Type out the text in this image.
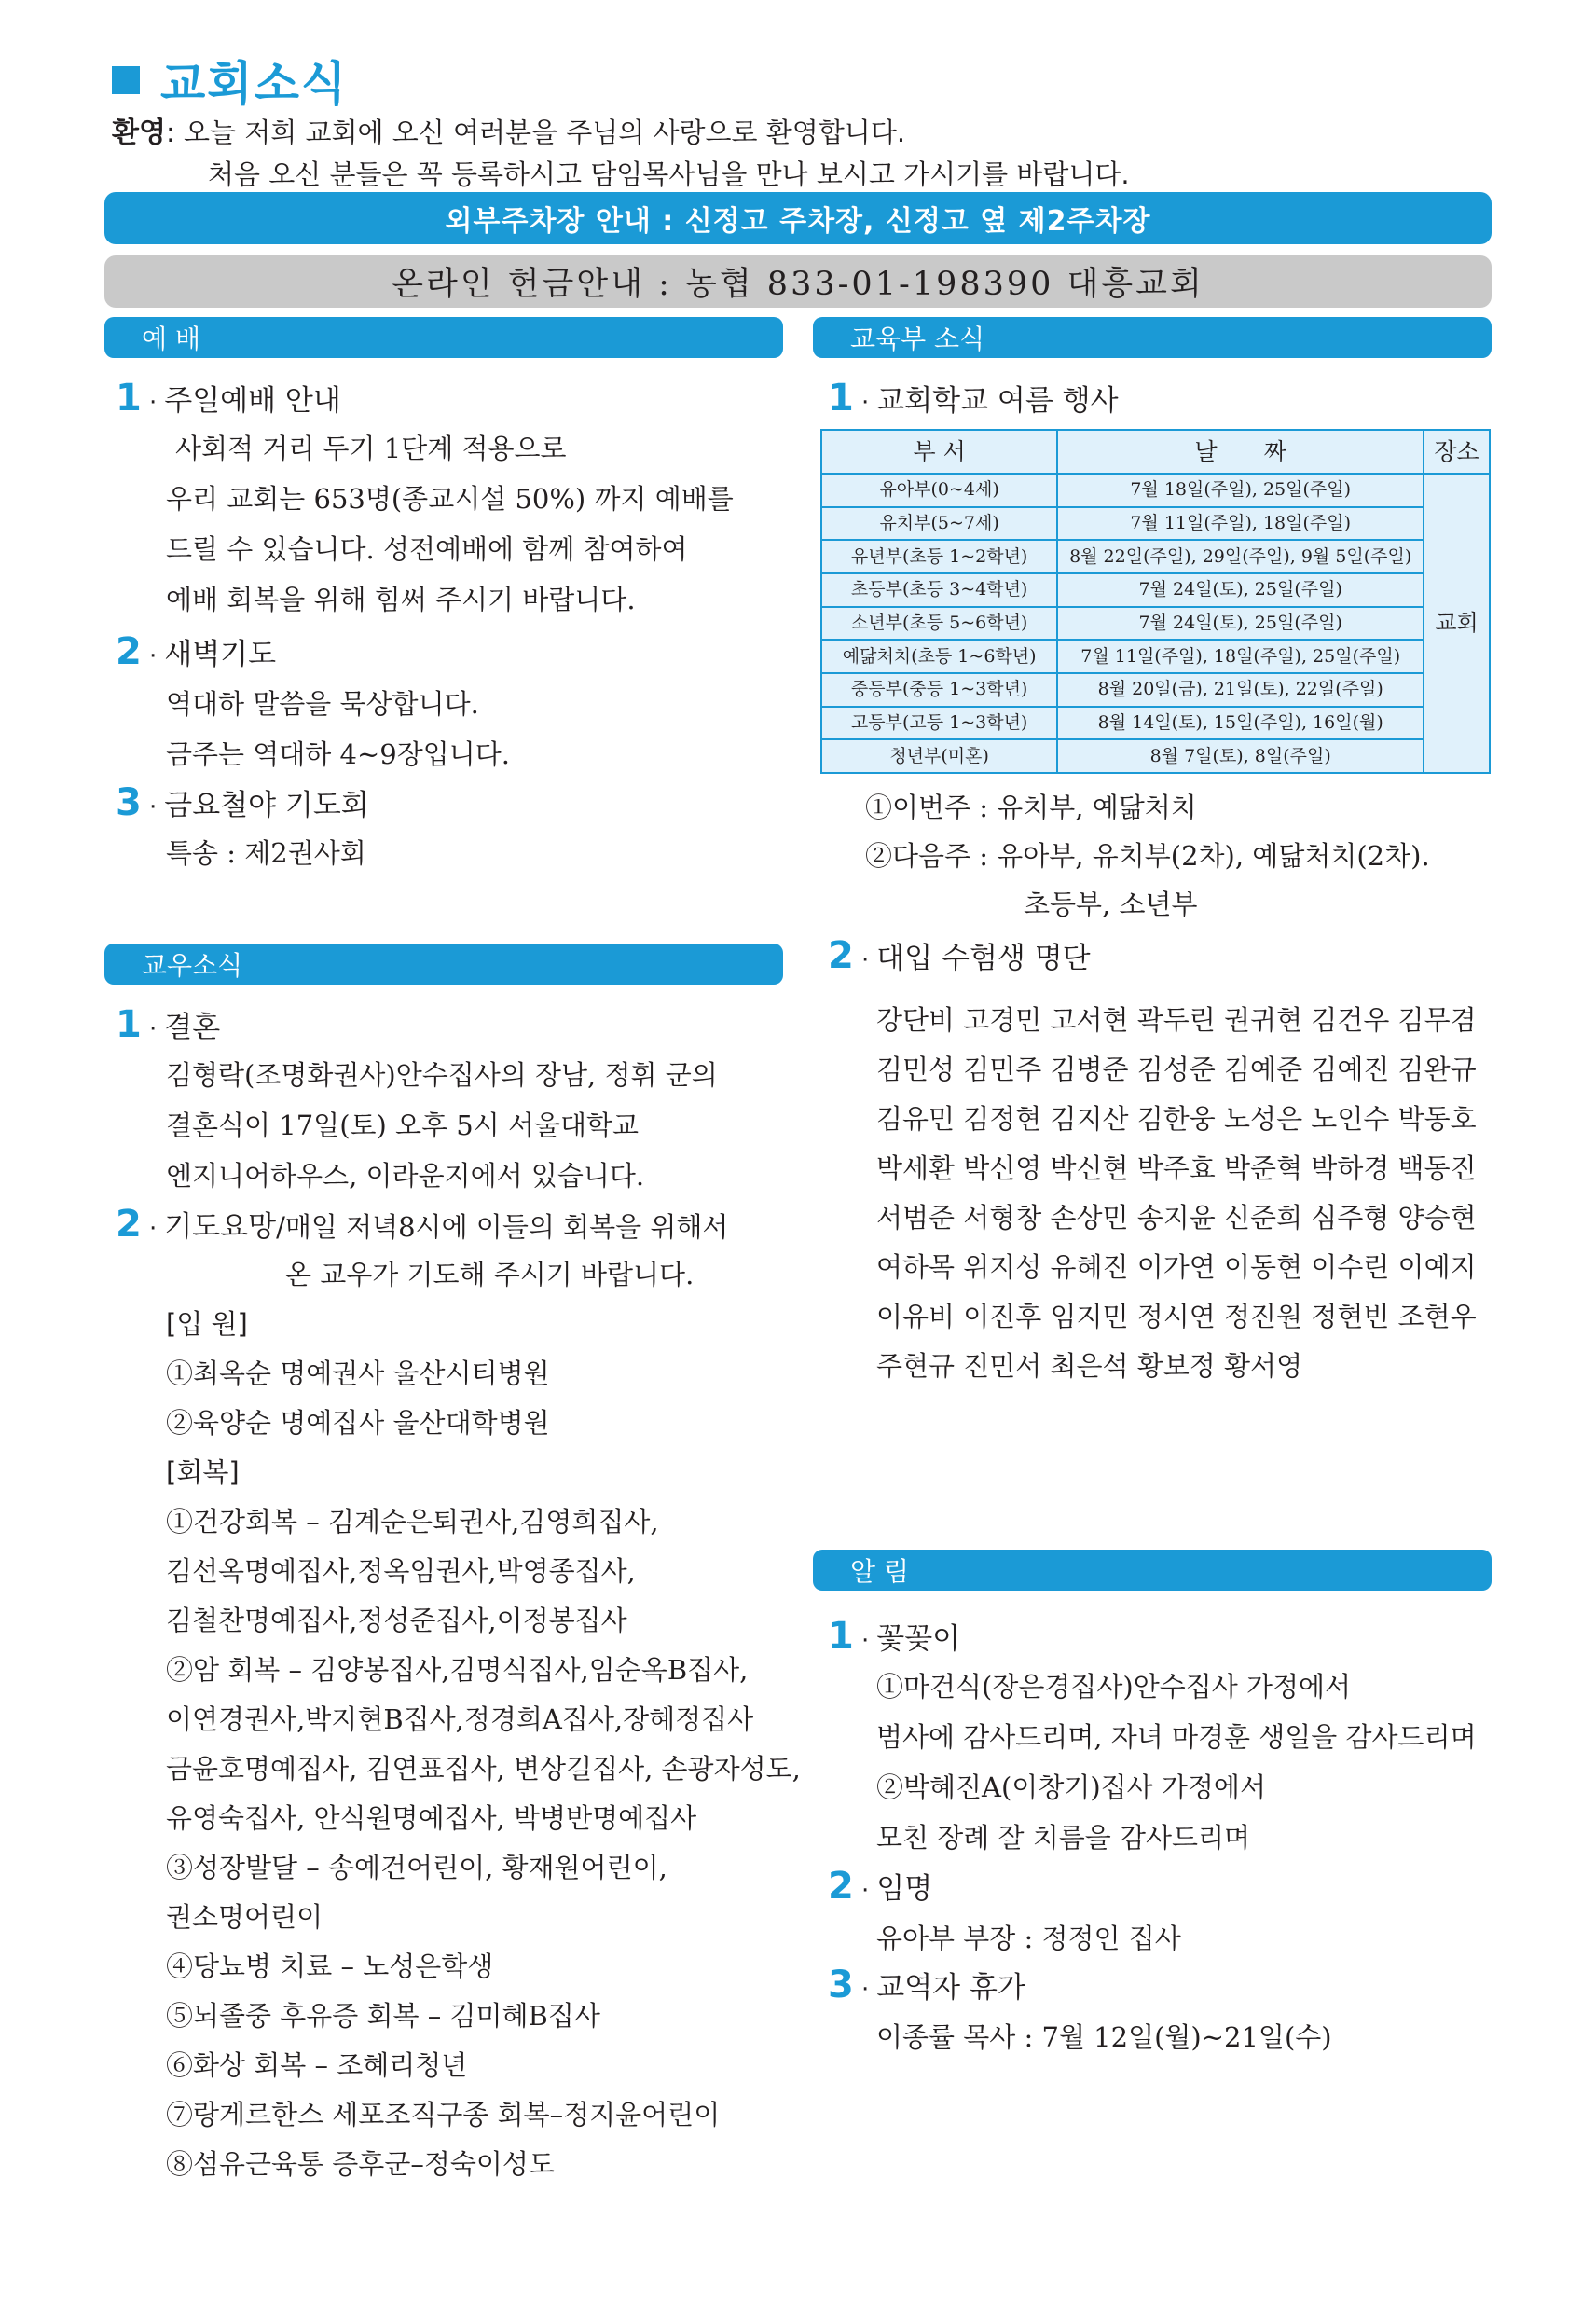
교회소식
환영: 오늘 저희 교회에 오신 여러분을 주님의 사랑으로 환영합니다.
처음 오신 분들은 꼭 등록하시고 담임목사님을 만나 보시고 가시기를 바랍니다.
외부주차장 안내 : 신정고 주차장, 신정고 옆 제2주차장
온라인 헌금안내 : 농협 833-01-198390 대흥교회
예 배
1 · 주일예배 안내
사회적 거리 두기 1단계 적용으로
우리 교회는 653명(종교시설 50%) 까지 예배를
드릴 수 있습니다. 성전예배에 함께 참여하여
예배 회복을 위해 힘써 주시기 바랍니다.
2 · 새벽기도
역대하 말씀을 묵상합니다.
금주는 역대하 4~9장입니다.
3 · 금요철야 기도회
특송 : 제2권사회
교우소식
1 · 결혼
김형락(조명화권사)안수집사의 장남, 정휘 군의
결혼식이 17일(토) 오후 5시 서울대학교
엔지니어하우스, 이라운지에서 있습니다.
2 · 기도요망 /매일 저녁8시에 이들의 회복을 위해서
온 교우가 기도해 주시기 바랍니다.
[입 원]
①최옥순 명예권사 울산시티병원
②육양순 명예집사 울산대학병원
[회복]
①건강회복 – 김계순은퇴권사,김영희집사,
김선옥명예집사,정옥임권사,박영종집사,
김철찬명예집사,정성준집사,이정봉집사
②암 회복 – 김양봉집사,김명식집사,임순옥B집사,
이연경권사,박지현B집사,정경희A집사,장혜정집사
금윤호명예집사, 김연표집사, 변상길집사, 손광자성도,
유영숙집사, 안식원명예집사, 박병반명예집사
③성장발달 – 송예건어린이, 황재원어린이,
권소명어린이
④당뇨병 치료 – 노성은학생
⑤뇌졸중 후유증 회복 – 김미혜B집사
⑥화상 회복 – 조혜리청년
⑦랑게르한스 세포조직구종 회복–정지윤어린이
⑧섬유근육통 증후군–정숙이성도
교육부 소식
1 · 교회학교 여름 행사
부 서	날　　짜	장소
유아부(0~4세)	7월 18일(주일), 25일(주일)	교회
유치부(5~7세)	7월 11일(주일), 18일(주일)	
유년부(초등 1~2학년)	8월 22일(주일), 29일(주일), 9월 5일(주일)	
초등부(초등 3~4학년)	7월 24일(토), 25일(주일)	
소년부(초등 5~6학년)	7월 24일(토), 25일(주일)	
예닮처치(초등 1~6학년)	7월 11일(주일), 18일(주일), 25일(주일)	
중등부(중등 1~3학년)	8월 20일(금), 21일(토), 22일(주일)	
고등부(고등 1~3학년)	8월 14일(토), 15일(주일), 16일(월)	
청년부(미혼)	8월 7일(토), 8일(주일)	
①이번주 : 유치부, 예닮처치
②다음주 : 유아부, 유치부(2차), 예닮처치(2차).
초등부, 소년부
2 · 대입 수험생 명단
강단비 고경민 고서현 곽두린 권귀현 김건우 김무겸
김민성 김민주 김병준 김성준 김예준 김예진 김완규
김유민 김정현 김지산 김한웅 노성은 노인수 박동호
박세환 박신영 박신현 박주효 박준혁 박하경 백동진
서범준 서형창 손상민 송지윤 신준희 심주형 양승현
여하목 위지성 유혜진 이가연 이동현 이수린 이예지
이유비 이진후 임지민 정시연 정진원 정현빈 조현우
주현규 진민서 최은석 황보정 황서영
알 림
1 · 꽃꽂이
①마건식(장은경집사)안수집사 가정에서
범사에 감사드리며, 자녀 마경훈 생일을 감사드리며
②박혜진A(이창기)집사 가정에서
모친 장례 잘 치름을 감사드리며
2 · 임명
유아부 부장 : 정정인 집사
3 · 교역자 휴가
이종률 목사 : 7월 12일(월)~21일(수)
